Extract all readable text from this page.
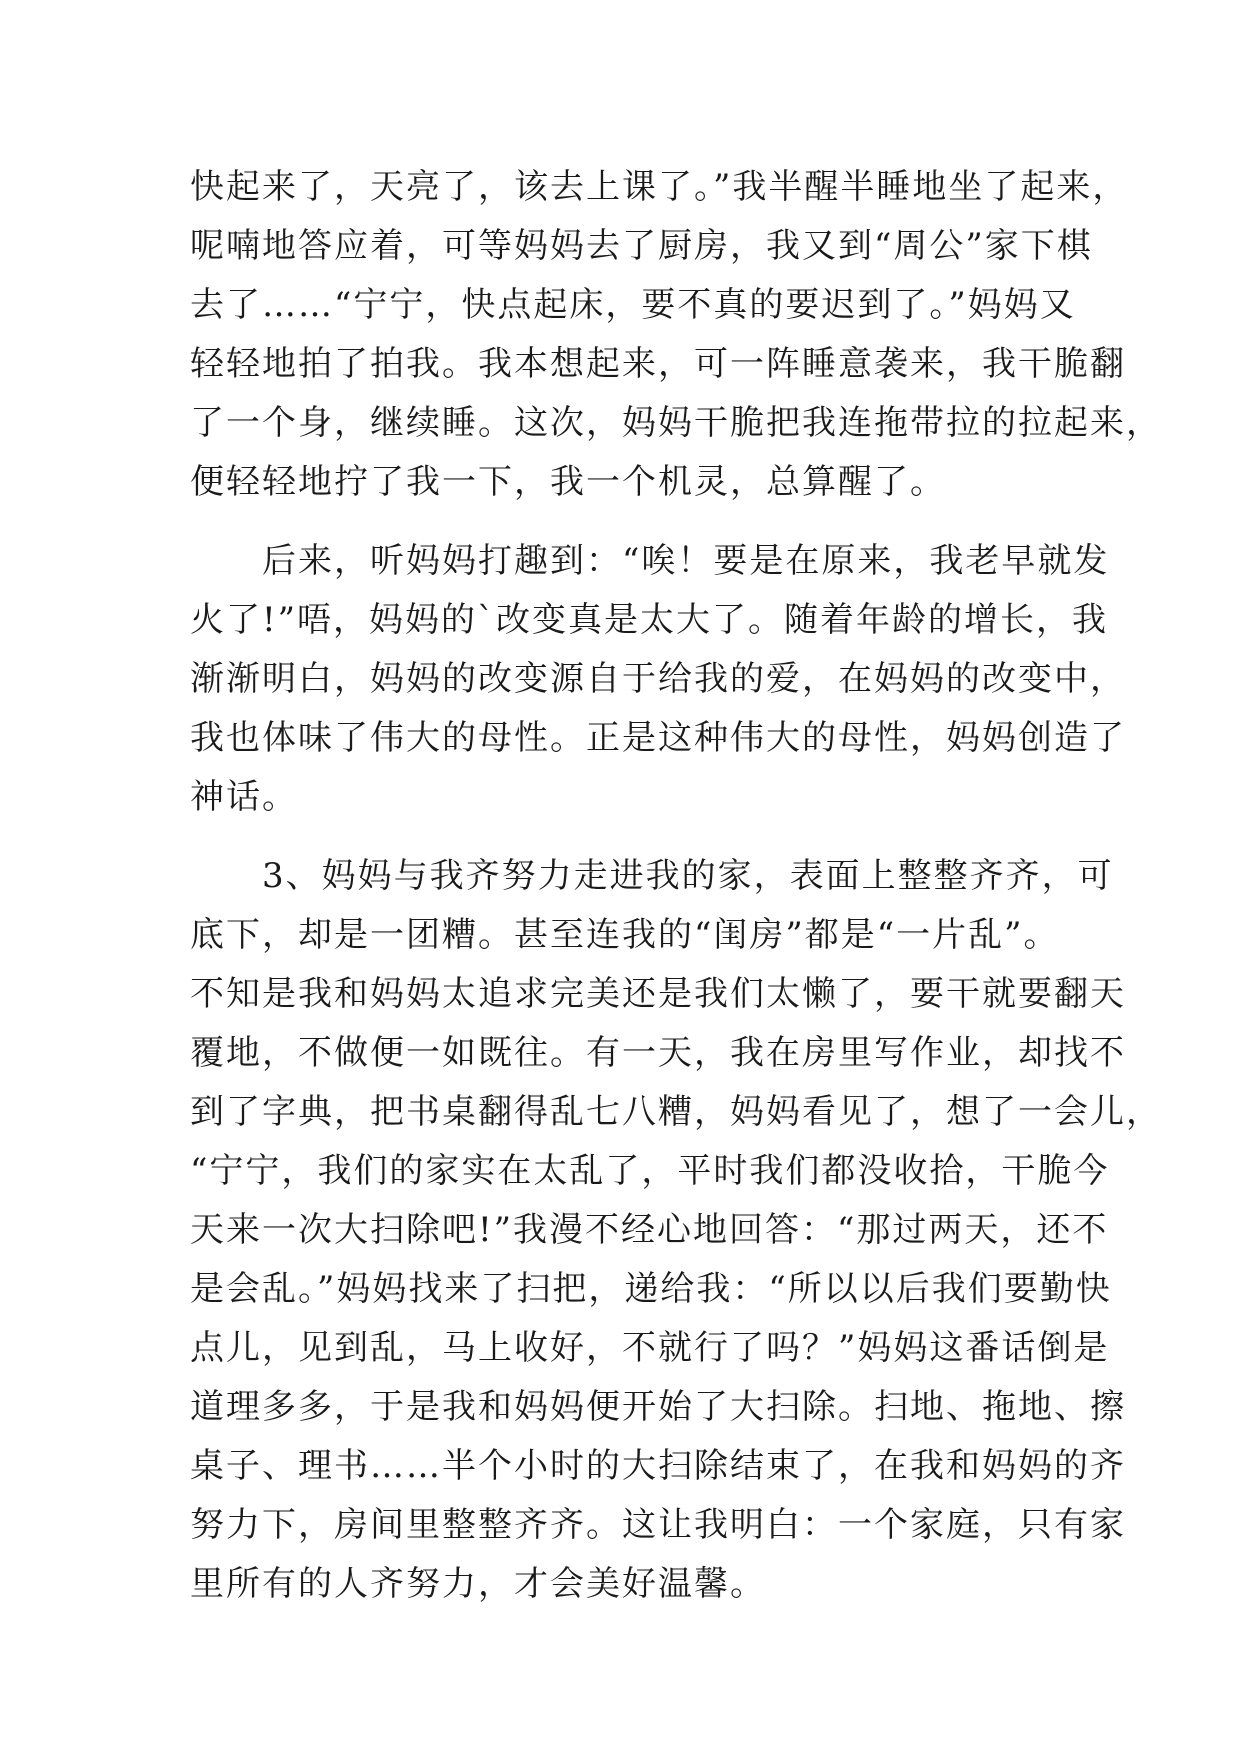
快起来了，天亮了，该去上课了。”我半醒半睡地坐了起来，
呢喃地答应着，可等妈妈去了厨房，我又到“周公”家下棋
去了……“宁宁，快点起床，要不真的要迟到了。”妈妈又
轻轻地拍了拍我。我本想起来，可一阵睡意袭来，我干脆翻
了一个身，继续睡。这次，妈妈干脆把我连拖带拉的拉起来，
便轻轻地拧了我一下，我一个机灵，总算醒了。
　　后来，听妈妈打趣到：“唉！要是在原来，我老早就发
火了!”唔，妈妈的`改变真是太大了。随着年龄的增长，我
渐渐明白，妈妈的改变源自于给我的爱，在妈妈的改变中，
我也体味了伟大的母性。正是这种伟大的母性，妈妈创造了
神话。
　　3、妈妈与我齐努力走进我的家，表面上整整齐齐，可
底下，却是一团糟。甚至连我的“闺房”都是“一片乱”。
不知是我和妈妈太追求完美还是我们太懒了，要干就要翻天
覆地，不做便一如既往。有一天，我在房里写作业，却找不
到了字典，把书桌翻得乱七八糟，妈妈看见了，想了一会儿，
“宁宁，我们的家实在太乱了，平时我们都没收拾，干脆今
天来一次大扫除吧!”我漫不经心地回答：“那过两天，还不
是会乱。”妈妈找来了扫把，递给我：“所以以后我们要勤快
点儿，见到乱，马上收好，不就行了吗？”妈妈这番话倒是
道理多多，于是我和妈妈便开始了大扫除。扫地、拖地、擦
桌子、理书……半个小时的大扫除结束了，在我和妈妈的齐
努力下，房间里整整齐齐。这让我明白：一个家庭，只有家
里所有的人齐努力，才会美好温馨。
